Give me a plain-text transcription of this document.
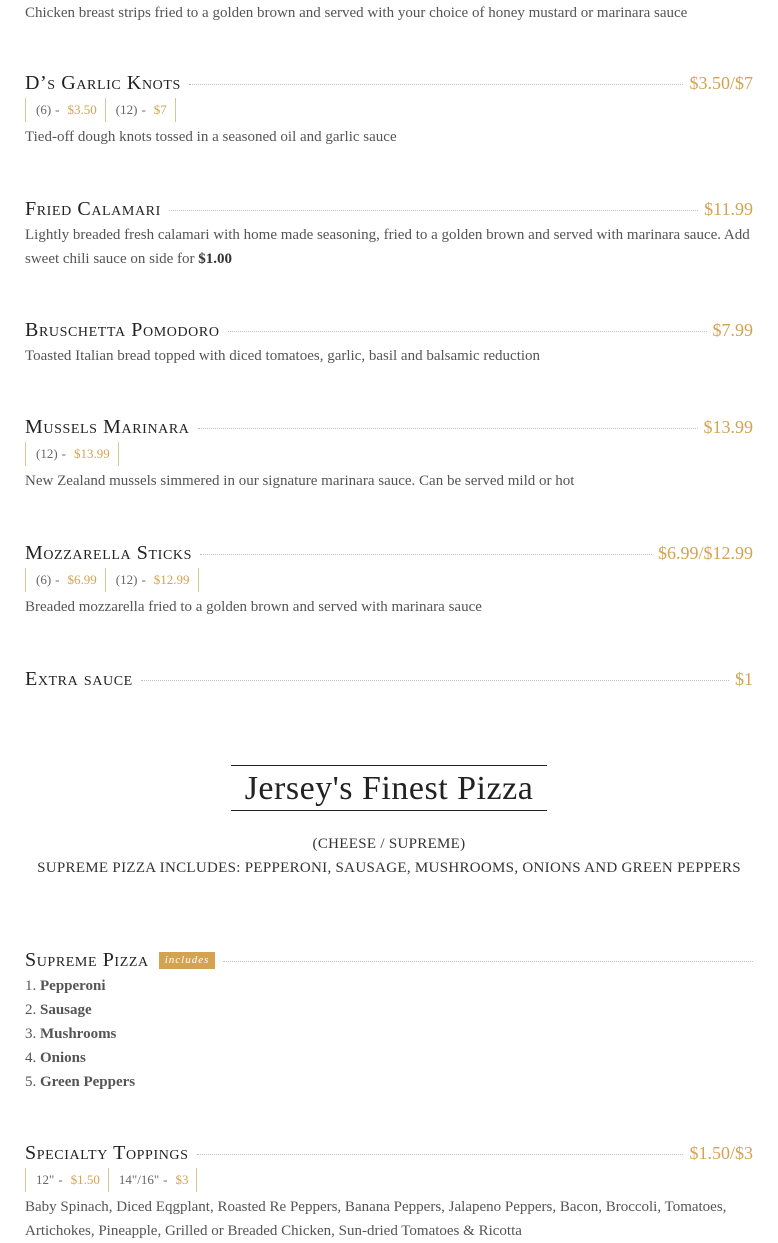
Chicken breast strips fried to a golden brown and served with your choice of honey mustard or marinara sauce
D’s Garlic Knots	$3.50/$7
(6) - $3.50 (12) - $7
Tied-off dough knots tossed in a seasoned oil and garlic sauce
Fried Calamari	$11.99
Lightly breaded fresh calamari with home made seasoning, fried to a golden brown and served with marinara sauce. Add sweet chili sauce on side for $1.00
Bruschetta Pomodoro	$7.99
Toasted Italian bread topped with diced tomatoes, garlic, basil and balsamic reduction
Mussels Marinara	$13.99
(12) - $13.99
New Zealand mussels simmered in our signature marinara sauce. Can be served mild or hot
Mozzarella Sticks	$6.99/$12.99
(6) - $6.99 (12) - $12.99
Breaded mozzarella fried to a golden brown and served with marinara sauce
Extra sauce	$1
Jersey's Finest Pizza
(CHEESE / SUPREME)
SUPREME PIZZA INCLUDES: PEPPERONI, SAUSAGE, MUSHROOMS, ONIONS AND GREEN PEPPERS
Supreme Pizza	includes
1. Pepperoni
2. Sausage
3. Mushrooms
4. Onions
5. Green Peppers
Specialty Toppings	$1.50/$3
12" - $1.50 14"/16" - $3
Baby Spinach, Diced Eqgplant, Roasted Re Peppers, Banana Peppers, Jalapeno Peppers, Bacon, Broccoli, Tomatoes, Artichokes, Pineapple, Grilled or Breaded Chicken, Sun-dried Tomatoes & Ricotta
